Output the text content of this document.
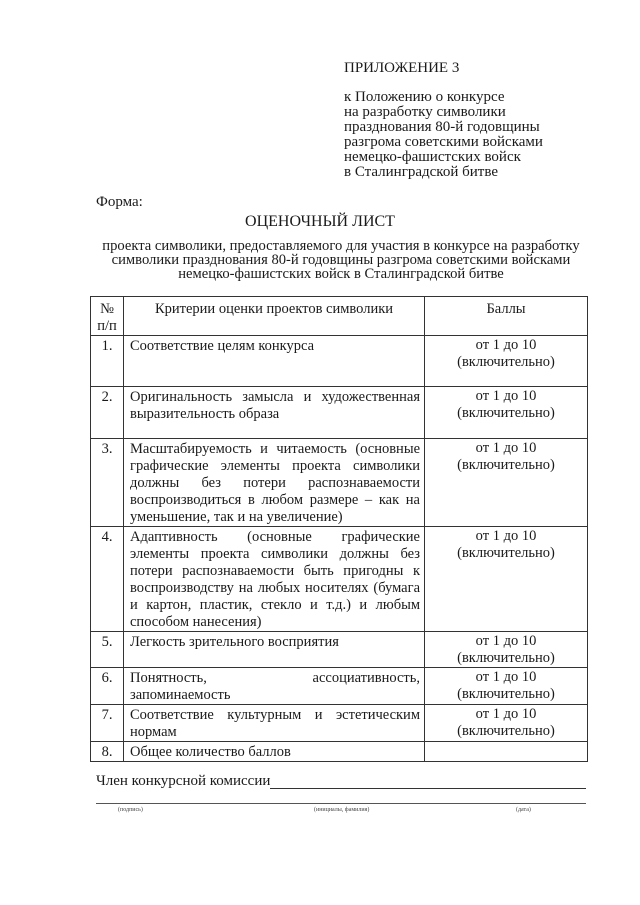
ПРИЛОЖЕНИЕ 3
к Положению о конкурсе
на разработку символики
празднования 80-й годовщины
разгрома советскими войсками
немецко-фашистских войск
в Сталинградской битве
Форма:
ОЦЕНОЧНЫЙ ЛИСТ
проекта символики, предоставляемого для участия в конкурсе на разработку символики празднования 80-й годовщины разгрома советскими войсками немецко-фашистских войск в Сталинградской битве
№ п/п	Критерии оценки проектов символики	Баллы
1.	Соответствие целям конкурса	от 1 до 10 (включительно)
2.	Оригинальность замысла и художественная выразительность образа	от 1 до 10 (включительно)
3.	Масштабируемость и читаемость (основные графические элементы проекта символики должны без потери распознаваемости воспроизводиться в любом размере – как на уменьшение, так и на увеличение)	от 1 до 10 (включительно)
4.	Адаптивность (основные графические элементы проекта символики должны без потери распознаваемости быть пригодны к воспроизводству на любых носителях (бумага и картон, пластик, стекло и т.д.) и любым способом нанесения)	от 1 до 10 (включительно)
5.	Легкость зрительного восприятия	от 1 до 10 (включительно)
6.	Понятность, ассоциативность, запоминаемость	от 1 до 10 (включительно)
7.	Соответствие культурным и эстетическим нормам	от 1 до 10 (включительно)
8.	Общее количество баллов	
Член конкурсной комиссии
(подпись)	(инициалы, фамилия)	(дата)
